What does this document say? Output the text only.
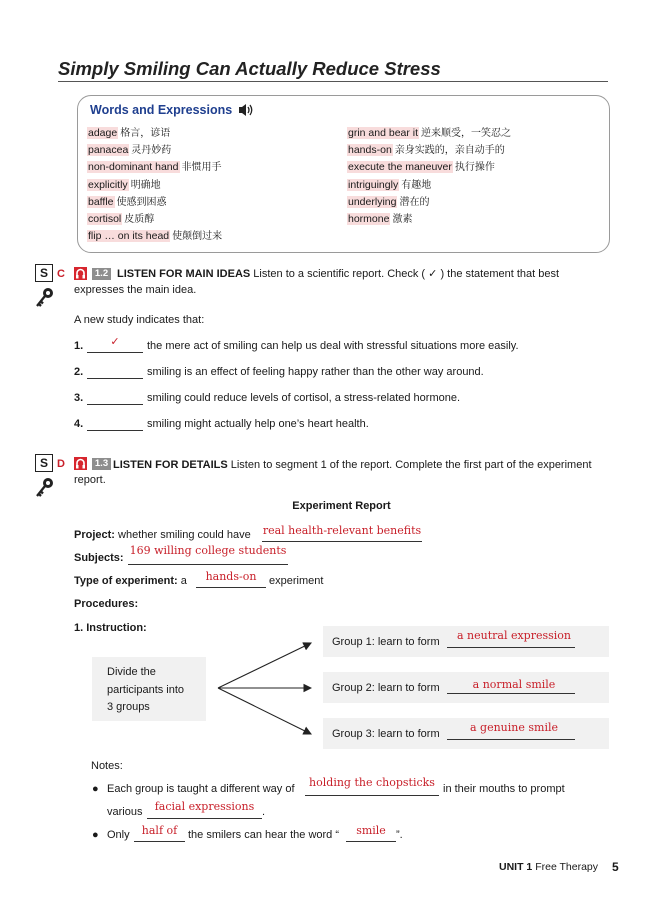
Simply Smiling Can Actually Reduce Stress
Words and Expressions
adage 格言，谚语
panacea 灵丹妙药
non-dominant hand 非惯用手
explicitly 明确地
baffle 使感到困惑
cortisol 皮质醇
flip … on its head 使颠倒过来
grin and bear it 逆来顺受，一笑忍之
hands-on 亲身实践的，亲自动手的
execute the maneuver 执行操作
intriguingly 有趣地
underlying 潜在的
hormone 激素
S C	1.2 LISTEN FOR MAIN IDEAS Listen to a scientific report. Check ( ✓ ) the statement that best
expresses the main idea.
A new study indicates that:
1.	✓	the mere act of smiling can help us deal with stressful situations more easily.
2.	smiling is an effect of feeling happy rather than the other way around.
3.	smiling could reduce levels of cortisol, a stress-related hormone.
4.	smiling might actually help one’s heart health.
S D	1.3 LISTEN FOR DETAILS Listen to segment 1 of the report. Complete the first part of the experiment
report.
Experiment Report
Project: whether smiling could have real health-relevant benefits
Subjects:
169 willing college students
Type of experiment: a	hands-on	experiment
Procedures:
1. Instruction:
Divide the
participants into
3 groups
Group 1: learn to form	a neutral expression
Group 2: learn to form	a normal smile
Group 3: learn to form	a genuine smile
Notes:
● Each group is taught a different way of	holding the chopsticks in their mouths to prompt
various	facial expressions .
● Only	half of the smilers can hear the word “	smile ”.
UNIT 1 Free Therapy 5
